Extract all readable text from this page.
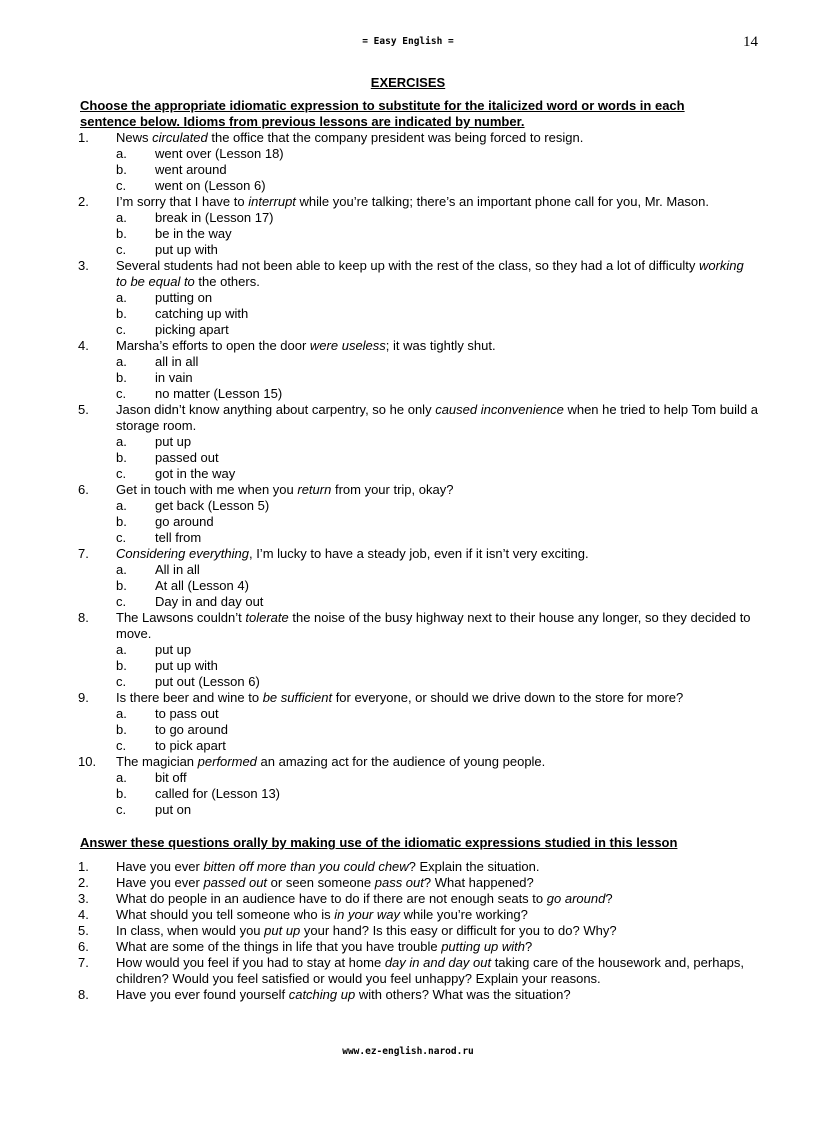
= Easy English =	14
EXERCISES
Choose the appropriate idiomatic expression to substitute for the italicized word or words in each sentence below. Idioms from previous lessons are indicated by number.
1. News circulated the office that the company president was being forced to resign.
a. went over (Lesson 18)
b. went around
c. went on (Lesson 6)
2. I’m sorry that I have to interrupt while you’re talking; there’s an important phone call for you, Mr. Mason.
a. break in (Lesson 17)
b. be in the way
c. put up with
3. Several students had not been able to keep up with the rest of the class, so they had a lot of difficulty working to be equal to the others.
a. putting on
b. catching up with
c. picking apart
4. Marsha’s efforts to open the door were useless; it was tightly shut.
a. all in all
b. in vain
c. no matter (Lesson 15)
5. Jason didn’t know anything about carpentry, so he only caused inconvenience when he tried to help Tom build a storage room.
a. put up
b. passed out
c. got in the way
6. Get in touch with me when you return from your trip, okay?
a. get back (Lesson 5)
b. go around
c. tell from
7. Considering everything, I’m lucky to have a steady job, even if it isn’t very exciting.
a. All in all
b. At all (Lesson 4)
c. Day in and day out
8. The Lawsons couldn’t tolerate the noise of the busy highway next to their house any longer, so they decided to move.
a. put up
b. put up with
c. put out (Lesson 6)
9. Is there beer and wine to be sufficient for everyone, or should we drive down to the store for more?
a. to pass out
b. to go around
c. to pick apart
10. The magician performed an amazing act for the audience of young people.
a. bit off
b. called for (Lesson 13)
c. put on
Answer these questions orally by making use of the idiomatic expressions studied in this lesson
1. Have you ever bitten off more than you could chew? Explain the situation.
2. Have you ever passed out or seen someone pass out? What happened?
3. What do people in an audience have to do if there are not enough seats to go around?
4. What should you tell someone who is in your way while you’re working?
5. In class, when would you put up your hand? Is this easy or difficult for you to do? Why?
6. What are some of the things in life that you have trouble putting up with?
7. How would you feel if you had to stay at home day in and day out taking care of the housework and, perhaps, children? Would you feel satisfied or would you feel unhappy? Explain your reasons.
8. Have you ever found yourself catching up with others? What was the situation?
www.ez-english.narod.ru
